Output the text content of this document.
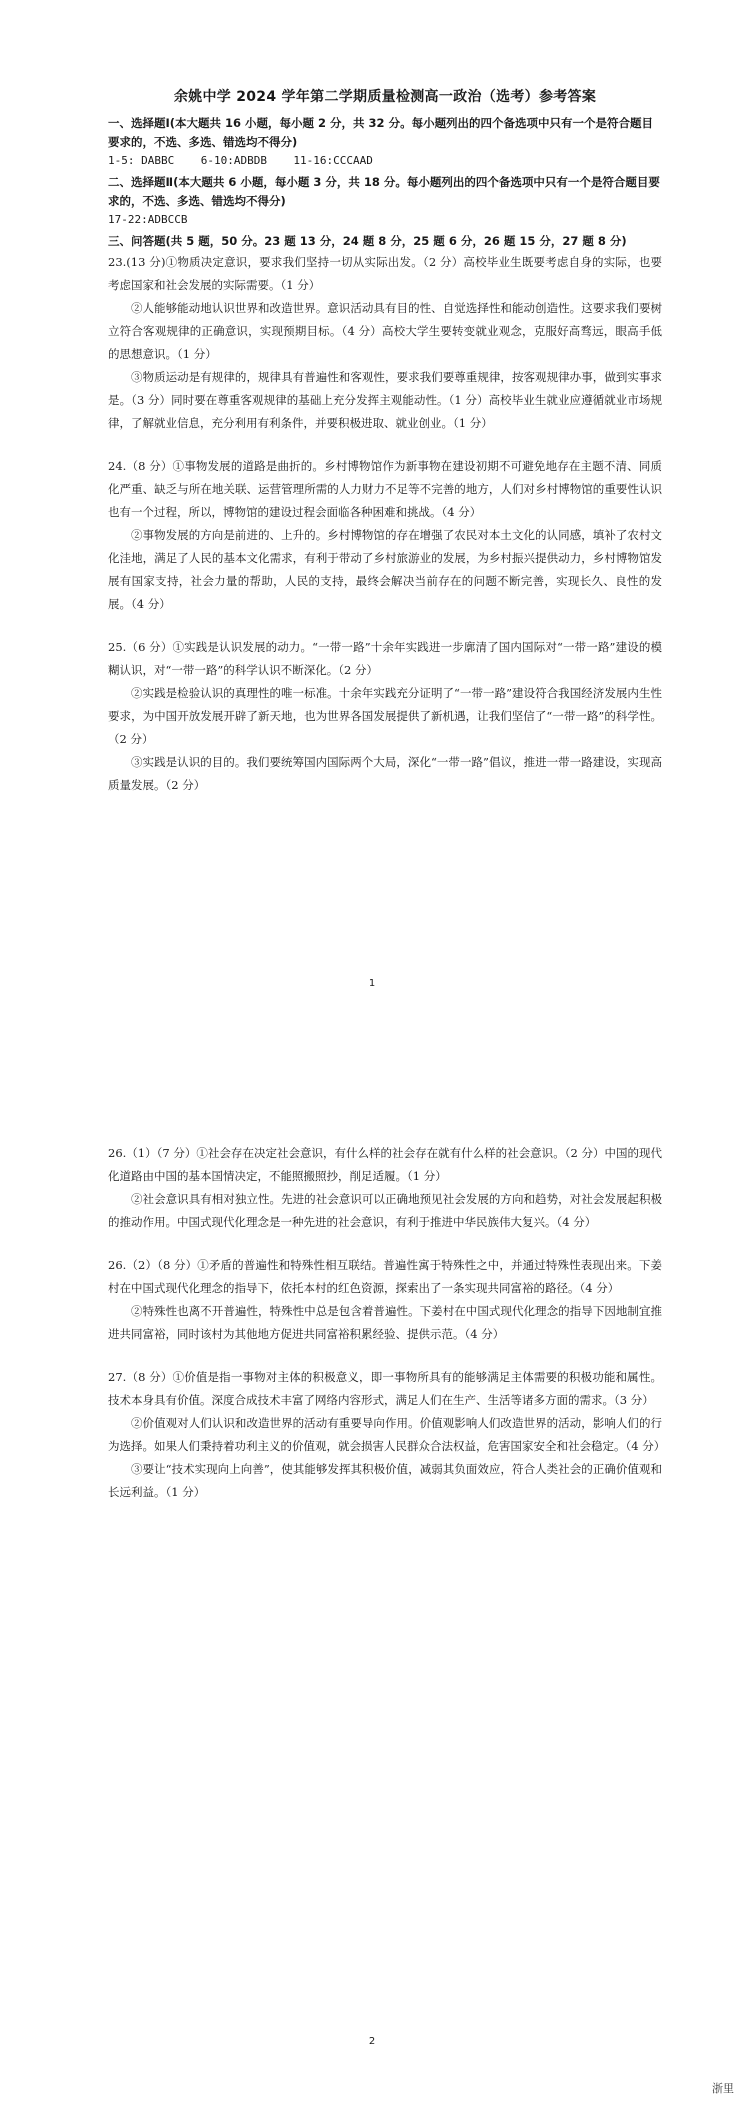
余姚中学 2024 学年第二学期质量检测高一政治（选考）参考答案

一、选择题Ⅰ(本大题共 16 小题，每小题 2 分，共 32 分。每小题列出的四个备选项中只有一个是符合题目要求的，不选、多选、错选均不得分)

1-5: DABBC    6-10:ADBDB    11-16:CCCAAD

二、选择题Ⅱ(本大题共 6 小题，每小题 3 分，共 18 分。每小题列出的四个备选项中只有一个是符合题目要求的，不选、多选、错选均不得分)

17-22:ADBCCB

三、问答题(共 5 题，50 分。23 题 13 分，24 题 8 分，25 题 6 分，26 题 15 分，27 题 8 分)

23.(13 分)①物质决定意识，要求我们坚持一切从实际出发。（2 分）高校毕业生既要考虑自身的实际，也要考虑国家和社会发展的实际需要。（1 分）

②人能够能动地认识世界和改造世界。意识活动具有目的性、自觉选择性和能动创造性。这要求我们要树立符合客观规律的正确意识，实现预期目标。（4 分）高校大学生要转变就业观念，克服好高骛远，眼高手低的思想意识。（1 分）

③物质运动是有规律的，规律具有普遍性和客观性，要求我们要尊重规律，按客观规律办事，做到实事求是。（3 分）同时要在尊重客观规律的基础上充分发挥主观能动性。（1 分）高校毕业生就业应遵循就业市场规律，了解就业信息，充分利用有利条件，并要积极进取、就业创业。（1 分）

24.（8 分）①事物发展的道路是曲折的。乡村博物馆作为新事物在建设初期不可避免地存在主题不清、同质化严重、缺乏与所在地关联、运营管理所需的人力财力不足等不完善的地方，人们对乡村博物馆的重要性认识也有一个过程，所以，博物馆的建设过程会面临各种困难和挑战。（4 分）

②事物发展的方向是前进的、上升的。乡村博物馆的存在增强了农民对本土文化的认同感，填补了农村文化洼地，满足了人民的基本文化需求，有利于带动了乡村旅游业的发展，为乡村振兴提供动力，乡村博物馆发展有国家支持，社会力量的帮助，人民的支持，最终会解决当前存在的问题不断完善，实现长久、良性的发展。（4 分）

25.（6 分）①实践是认识发展的动力。“一带一路”十余年实践进一步廓清了国内国际对“一带一路”建设的模糊认识，对“一带一路”的科学认识不断深化。（2 分）

②实践是检验认识的真理性的唯一标准。十余年实践充分证明了“一带一路”建设符合我国经济发展内生性要求，为中国开放发展开辟了新天地，也为世界各国发展提供了新机遇，让我们坚信了“一带一路”的科学性。（2 分）

③实践是认识的目的。我们要统筹国内国际两个大局，深化“一带一路”倡议，推进一带一路建设，实现高质量发展。（2 分）

1

26.（1）（7 分）①社会存在决定社会意识，有什么样的社会存在就有什么样的社会意识。（2 分）中国的现代化道路由中国的基本国情决定，不能照搬照抄，削足适履。（1 分）

②社会意识具有相对独立性。先进的社会意识可以正确地预见社会发展的方向和趋势，对社会发展起积极的推动作用。中国式现代化理念是一种先进的社会意识，有利于推进中华民族伟大复兴。（4 分）

26.（2）（8 分）①矛盾的普遍性和特殊性相互联结。普遍性寓于特殊性之中，并通过特殊性表现出来。下姜村在中国式现代化理念的指导下，依托本村的红色资源，探索出了一条实现共同富裕的路径。（4 分）

②特殊性也离不开普遍性，特殊性中总是包含着普遍性。下姜村在中国式现代化理念的指导下因地制宜推进共同富裕，同时该村为其他地方促进共同富裕积累经验、提供示范。（4 分）

27.（8 分）①价值是指一事物对主体的积极意义，即一事物所具有的能够满足主体需要的积极功能和属性。技术本身具有价值。深度合成技术丰富了网络内容形式，满足人们在生产、生活等诸多方面的需求。（3 分）

②价值观对人们认识和改造世界的活动有重要导向作用。价值观影响人们改造世界的活动，影响人们的行为选择。如果人们秉持着功利主义的价值观，就会损害人民群众合法权益，危害国家安全和社会稳定。（4 分）

③要让“技术实现向上向善”，使其能够发挥其积极价值，减弱其负面效应，符合人类社会的正确价值观和长远利益。（1 分）

2
浙里
